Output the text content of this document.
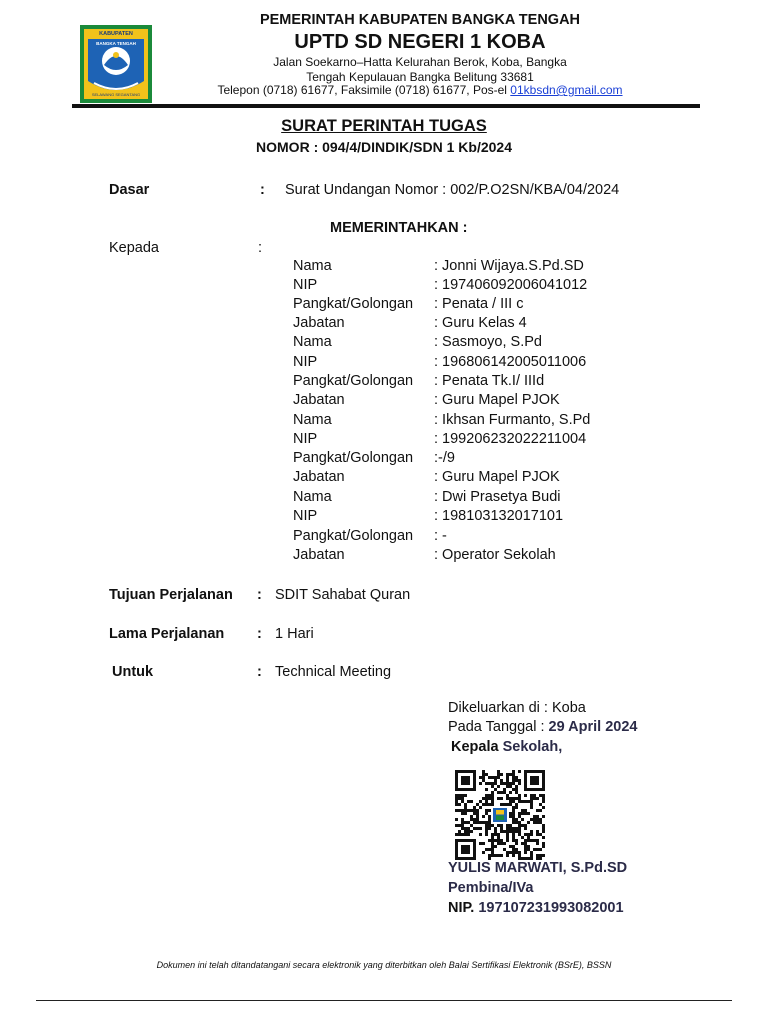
KABUPATEN
BANGKA TENGAH
SELAWANG SEGANTANG
PEMERINTAH KABUPATEN BANGKA TENGAH
UPTD SD NEGERI 1 KOBA
Jalan Soekarno–Hatta Kelurahan Berok, Koba, Bangka
Tengah Kepulauan Bangka Belitung 33681
Telepon (0718) 61677, Faksimile (0718) 61677, Pos-el 01kbsdn@gmail.com
SURAT PERINTAH TUGAS
NOMOR : 094/4/DINDIK/SDN 1 Kb/2024
Dasar	: Surat Undangan Nomor : 002/P.O2SN/KBA/04/2024
MEMERINTAHKAN :
Kepada	:
Nama	: Jonni Wijaya.S.Pd.SD
NIP	: 197406092006041012
Pangkat/Golongan : Penata / III c
Jabatan	: Guru Kelas 4
Nama	: Sasmoyo, S.Pd
NIP	: 196806142005011006
Pangkat/Golongan : Penata Tk.I/ IIId
Jabatan	: Guru Mapel PJOK
Nama	: Ikhsan Furmanto, S.Pd
NIP	: 199206232022211004
Pangkat/Golongan :-/9
Jabatan	: Guru Mapel PJOK
Nama	: Dwi Prasetya Budi
NIP	: 198103132017101
Pangkat/Golongan : -
Jabatan	: Operator Sekolah
Tujuan Perjalanan : SDIT Sahabat Quran
Lama Perjalanan : 1 Hari
Untuk	: Technical Meeting
Dikeluarkan di : Koba
Pada Tanggal : 29 April 2024
Kepala Sekolah,
YULIS MARWATI, S.Pd.SD
Pembina/IVa
NIP. 197107231993082001
Dokumen ini telah ditandatangani secara elektronik yang diterbitkan oleh Balai Sertifikasi Elektronik (BSrE), BSSN
